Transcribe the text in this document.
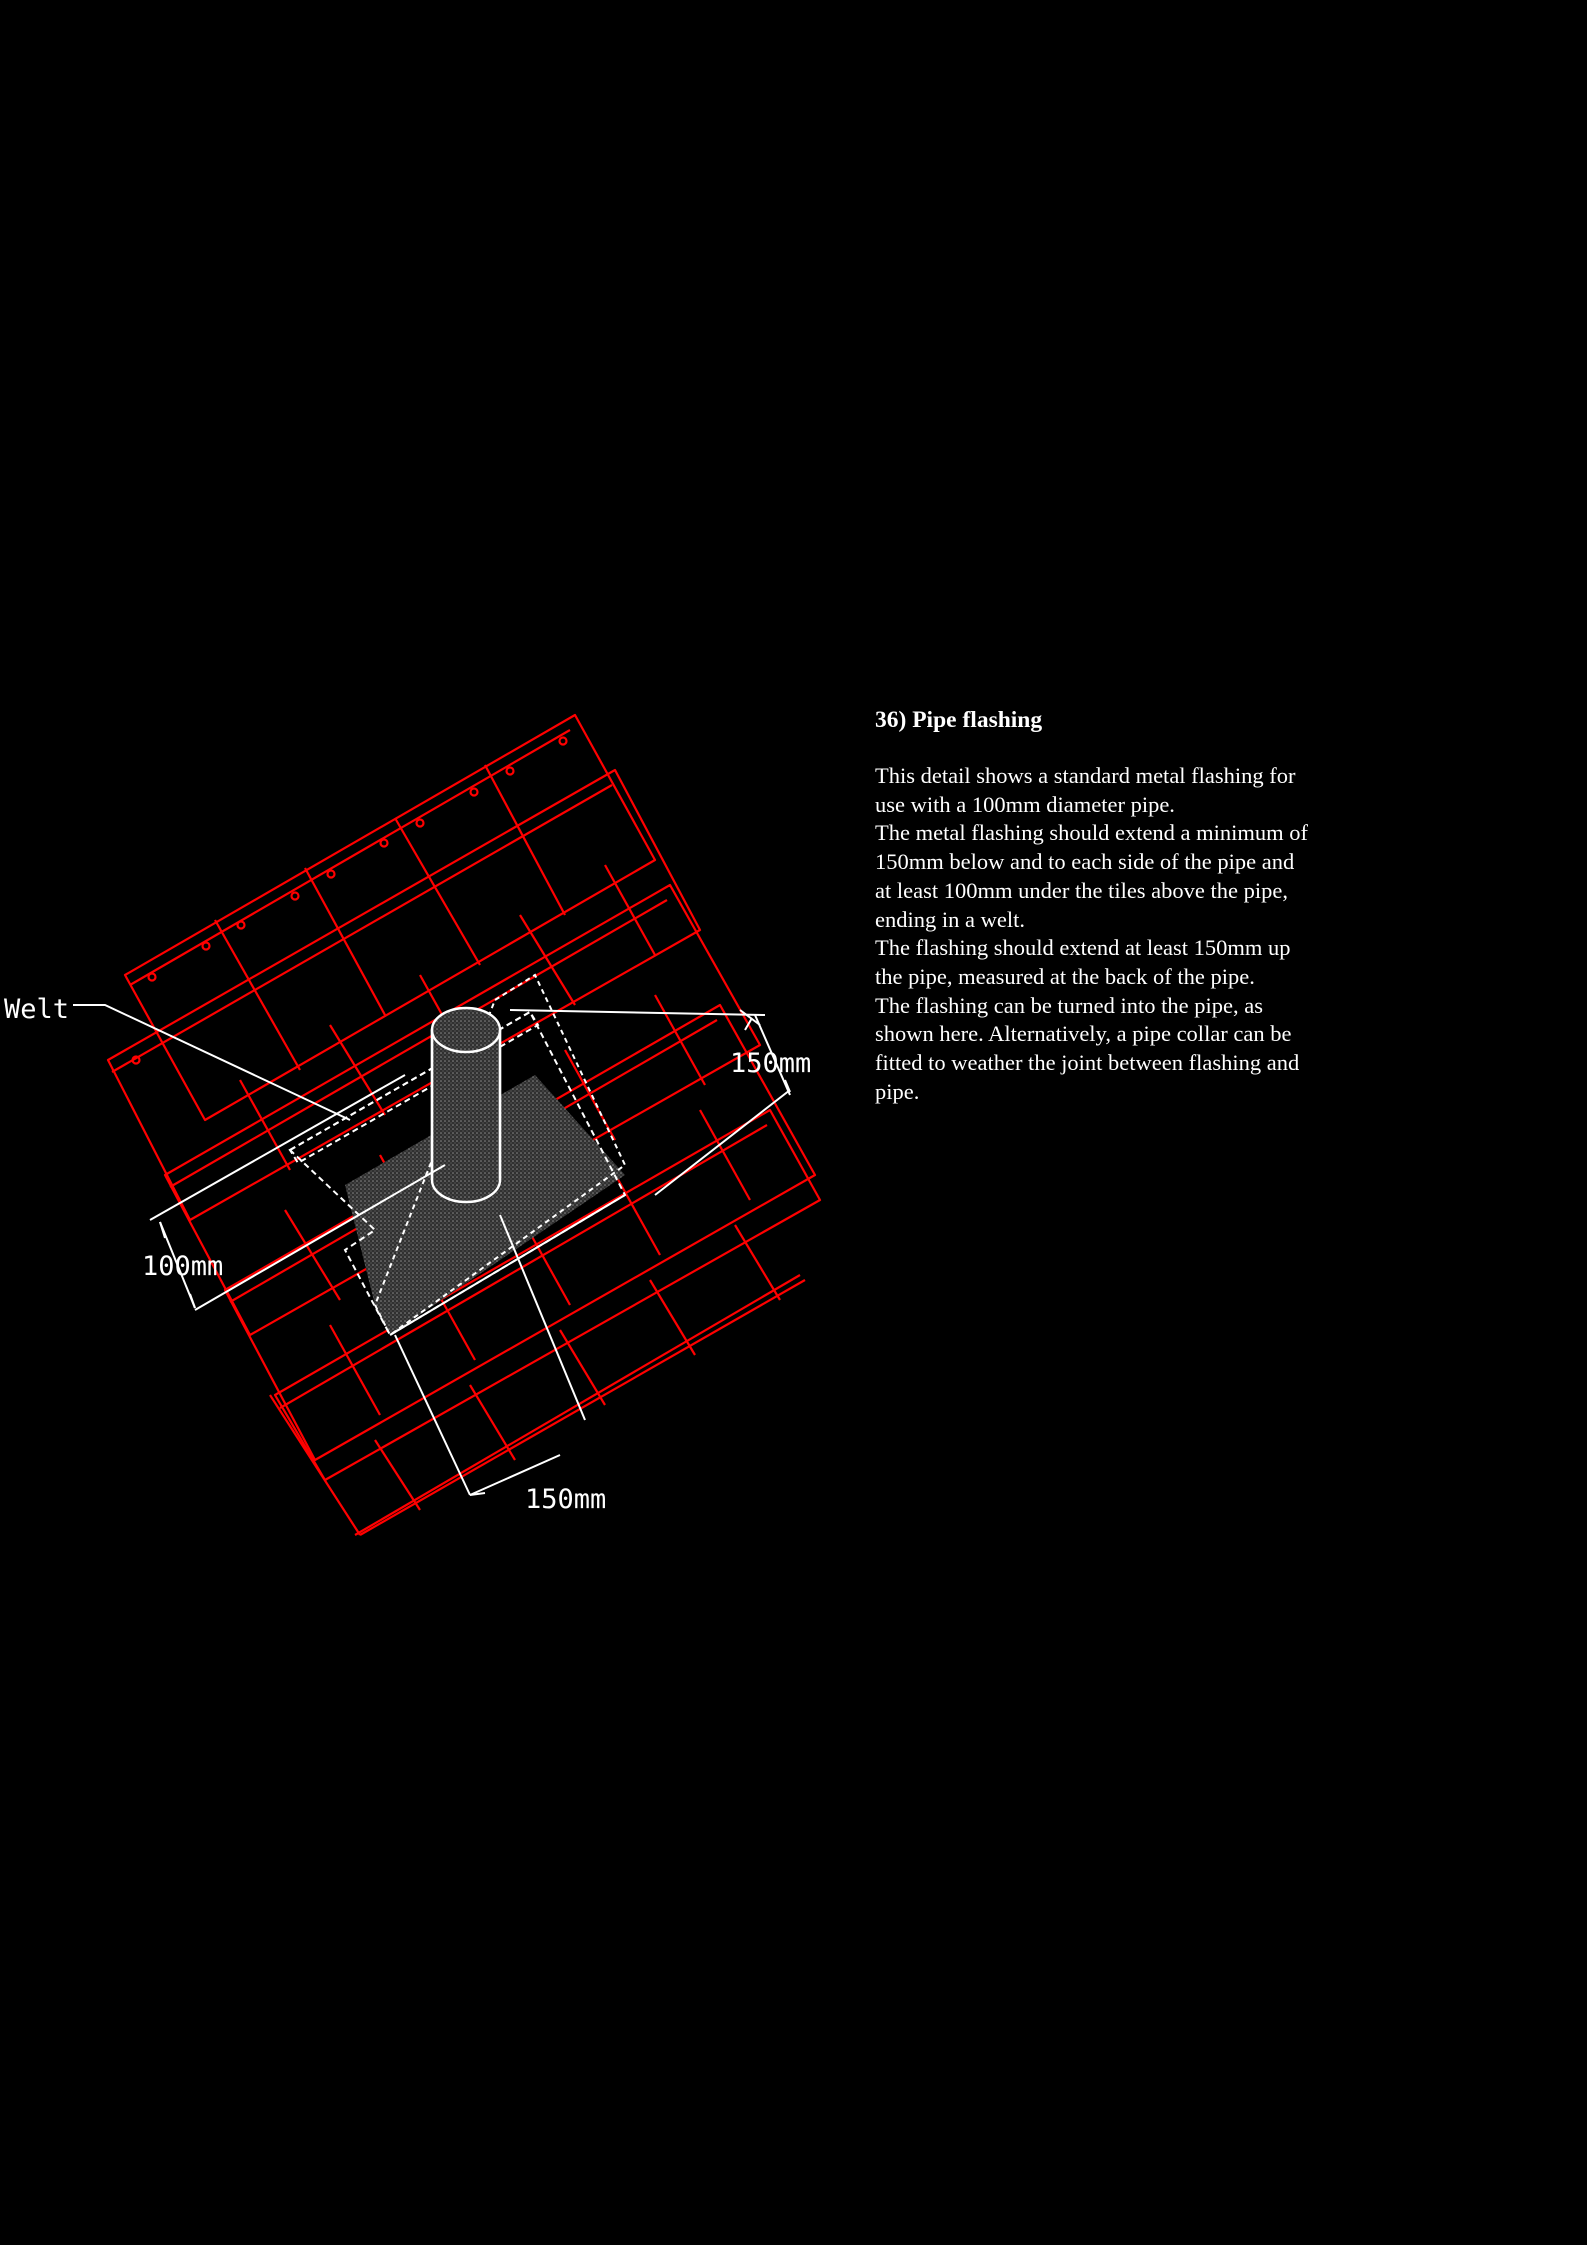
Welt
150mm
100mm
150mm
36) Pipe flashing

This detail shows a standard metal flashing for use with a 100mm diameter pipe.

The metal flashing should extend a minimum of 150mm below and to each side of the pipe and at least 100mm under the tiles above the pipe, ending in a welt.

The flashing should extend at least 150mm up the pipe, measured at the back of the pipe.

The flashing can be turned into the pipe, as shown here. Alternatively, a pipe collar can be fitted to weather the joint between flashing and pipe.
